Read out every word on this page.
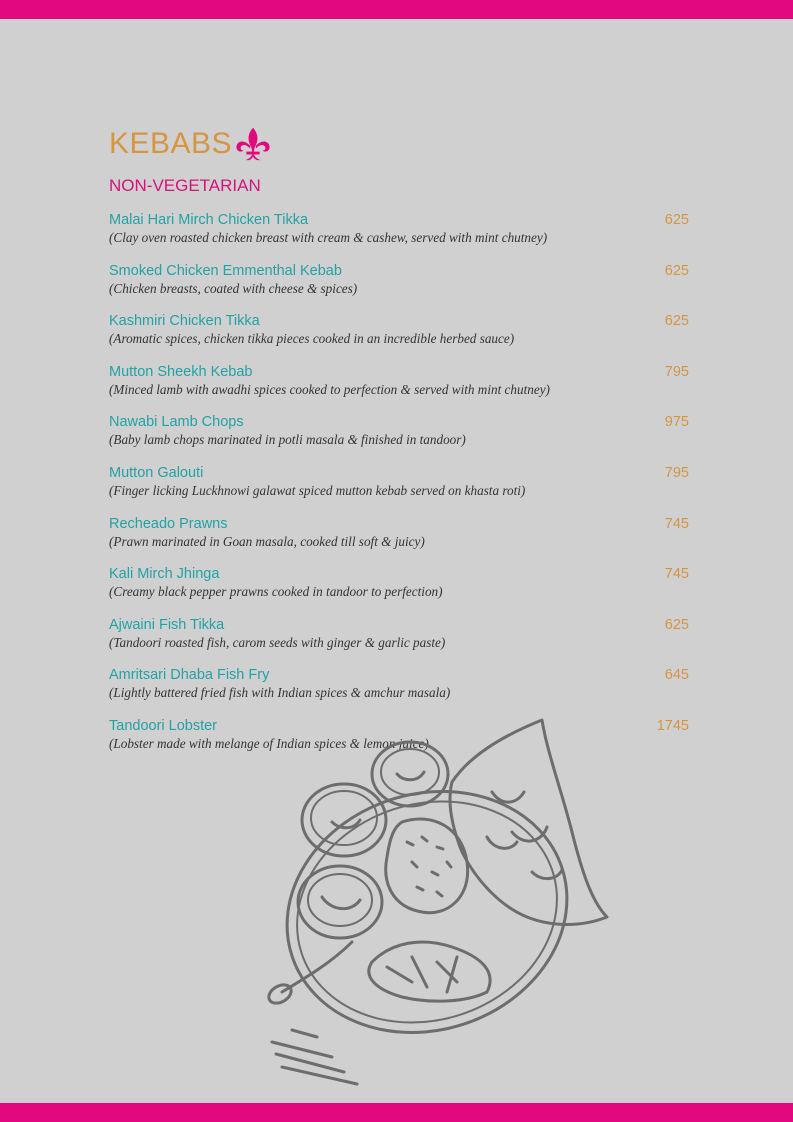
KEBABS
NON-VEGETARIAN
Malai Hari Mirch Chicken Tikka	625
(Clay oven roasted chicken breast with cream & cashew, served with mint chutney)
Smoked Chicken Emmenthal Kebab	625
(Chicken breasts, coated with cheese & spices)
Kashmiri Chicken Tikka	625
(Aromatic spices, chicken tikka pieces cooked in an incredible herbed sauce)
Mutton Sheekh Kebab	795
(Minced lamb with awadhi spices cooked to perfection & served with mint chutney)
Nawabi Lamb Chops	975
(Baby lamb chops marinated in potli masala & finished in tandoor)
Mutton Galouti	795
(Finger licking Luckhnowi galawat spiced mutton kebab served on khasta roti)
Recheado Prawns	745
(Prawn marinated in Goan masala, cooked till soft & juicy)
Kali Mirch Jhinga	745
(Creamy black pepper prawns cooked in tandoor to perfection)
Ajwaini Fish Tikka	625
(Tandoori roasted fish, carom seeds with ginger & garlic paste)
Amritsari Dhaba Fish Fry	645
(Lightly battered fried fish with Indian spices & amchur masala)
Tandoori Lobster	1745
(Lobster made with melange of Indian spices & lemon juice)
